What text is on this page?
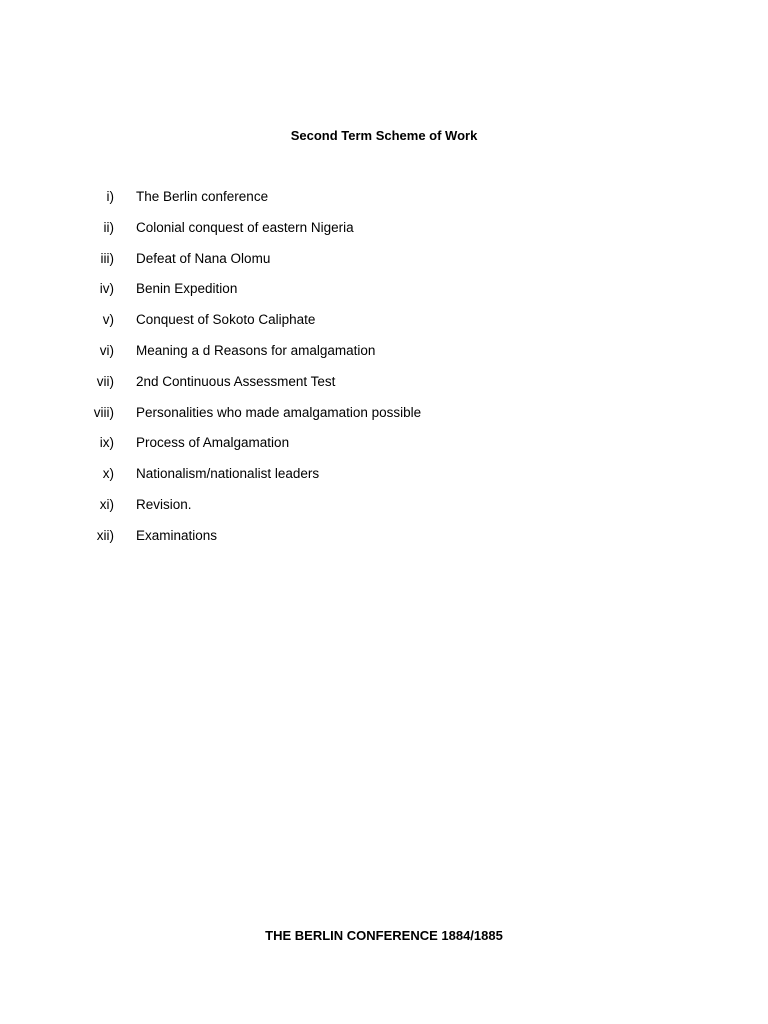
Second Term Scheme of Work
i) The Berlin conference
ii) Colonial conquest of eastern Nigeria
iii) Defeat of Nana Olomu
iv) Benin Expedition
v) Conquest of Sokoto Caliphate
vi) Meaning a d Reasons for amalgamation
vii) 2nd Continuous Assessment Test
viii) Personalities who made amalgamation possible
ix) Process of Amalgamation
x) Nationalism/nationalist leaders
xi) Revision.
xii) Examinations
THE BERLIN CONFERENCE 1884/1885
